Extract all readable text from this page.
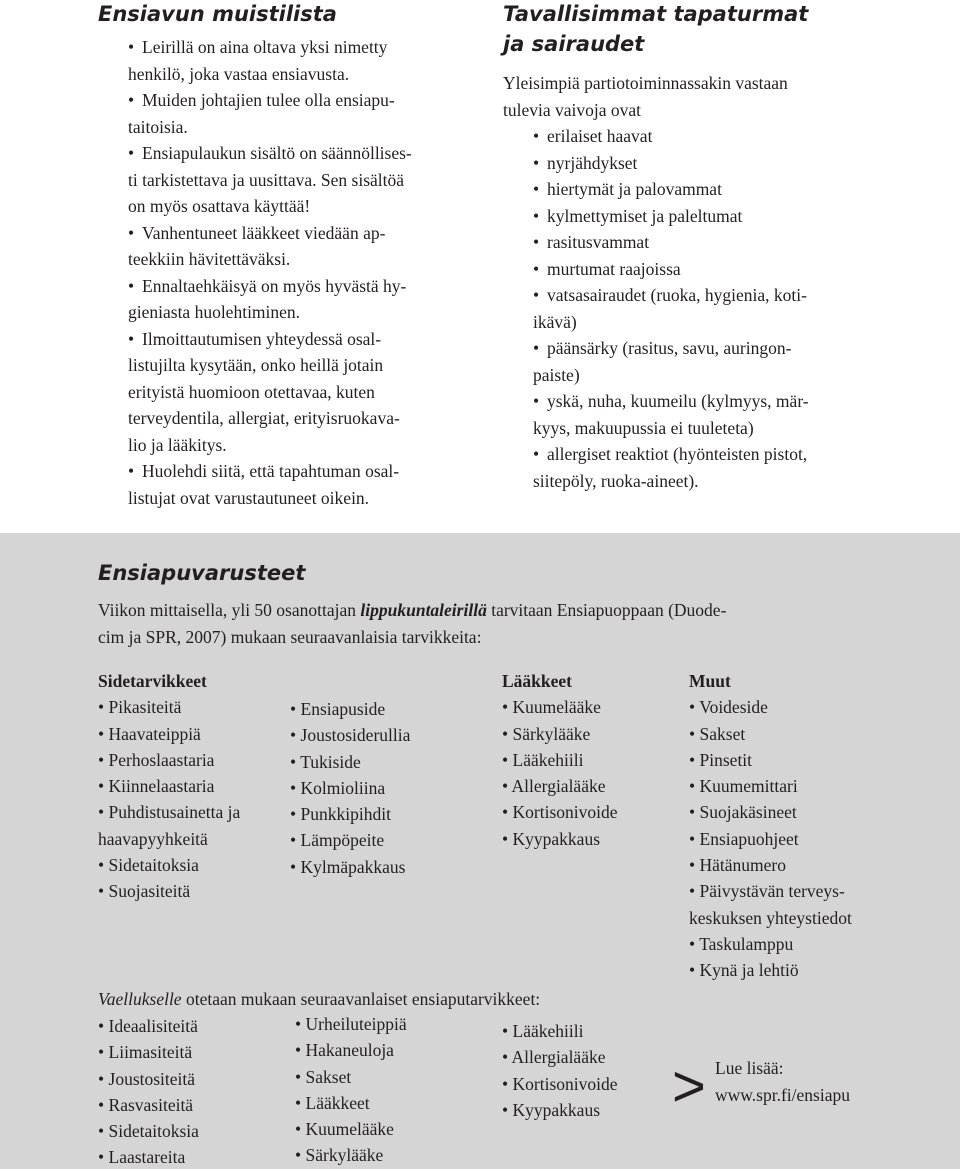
Ensiavun muistilista

• Leirillä on aina oltava yksi nimetty

henkilö, joka vastaa ensiavusta.

• Muiden johtajien tulee olla ensiapu-

taitoisia.

• Ensiapulaukun sisältö on säännöllises-

ti tarkistettava ja uusittava. Sen sisältöä

on myös osattava käyttää!

• Vanhentuneet lääkkeet viedään ap-

teekkiin hävitettäväksi.

• Ennaltaehkäisyä on myös hyvästä hy-

gieniasta huolehtiminen.

• Ilmoittautumisen yhteydessä osal-

listujilta kysytään, onko heillä jotain

erityistä huomioon otettavaa, kuten

terveydentila, allergiat, erityisruokava-

lio ja lääkitys.

• Huolehdi siitä, että tapahtuman osal-

listujat ovat varustautuneet oikein.

Tavallisimmat tapaturmat
ja sairaudet

Yleisimpiä partiotoiminnassakin vastaan

tulevia vaivoja ovat

• erilaiset haavat

• nyrjähdykset

• hiertymät ja palovammat

• kylmettymiset ja paleltumat

• rasitusvammat

• murtumat raajoissa

• vatsasairaudet (ruoka, hygienia, koti-

ikävä)

• päänsärky (rasitus, savu, auringon-

paiste)

• yskä, nuha, kuumeilu (kylmyys, mär-

kyys, makuupussia ei tuuleteta)

• allergiset reaktiot (hyönteisten pistot,

siitepöly, ruoka-aineet).

Ensiapuvarusteet

Viikon mittaisella, yli 50 osanottajan lippukuntaleirillä tarvitaan Ensiapuoppaan (Duode-

cim ja SPR, 2007) mukaan seuraavanlaisia tarvikkeita:

Sidetarvikkeet

• Pikasiteitä

• Haavateippiä

• Perhoslaastaria

• Kiinnelaastaria

• Puhdistusainetta ja

haavapyyhkeitä

• Sidetaitoksia

• Suojasiteitä

• Ensiapuside

• Joustosiderullia

• Tukiside

• Kolmioliina

• Punkkipihdit

• Lämpöpeite

• Kylmäpakkaus

Lääkkeet

• Kuumelääke

• Särkylääke

• Lääkehiili

• Allergialääke

• Kortisonivoide

• Kyypakkaus

Muut

• Voideside

• Sakset

• Pinsetit

• Kuumemittari

• Suojakäsineet

• Ensiapuohjeet

• Hätänumero

• Päivystävän terveys-

keskuksen yhteystiedot

• Taskulamppu

• Kynä ja lehtiö

Vaellukselle otetaan mukaan seuraavanlaiset ensiaputarvikkeet:

• Ideaalisiteitä

• Liimasiteitä

• Joustositeitä

• Rasvasiteitä

• Sidetaitoksia

• Laastareita

• Urheiluteippiä

• Hakaneuloja

• Sakset

• Lääkkeet

• Kuumelääke

• Särkylääke

• Lääkehiili

• Allergialääke

• Kortisonivoide

• Kyypakkaus	> Lue lisää:

www.spr.fi/ensiapu
